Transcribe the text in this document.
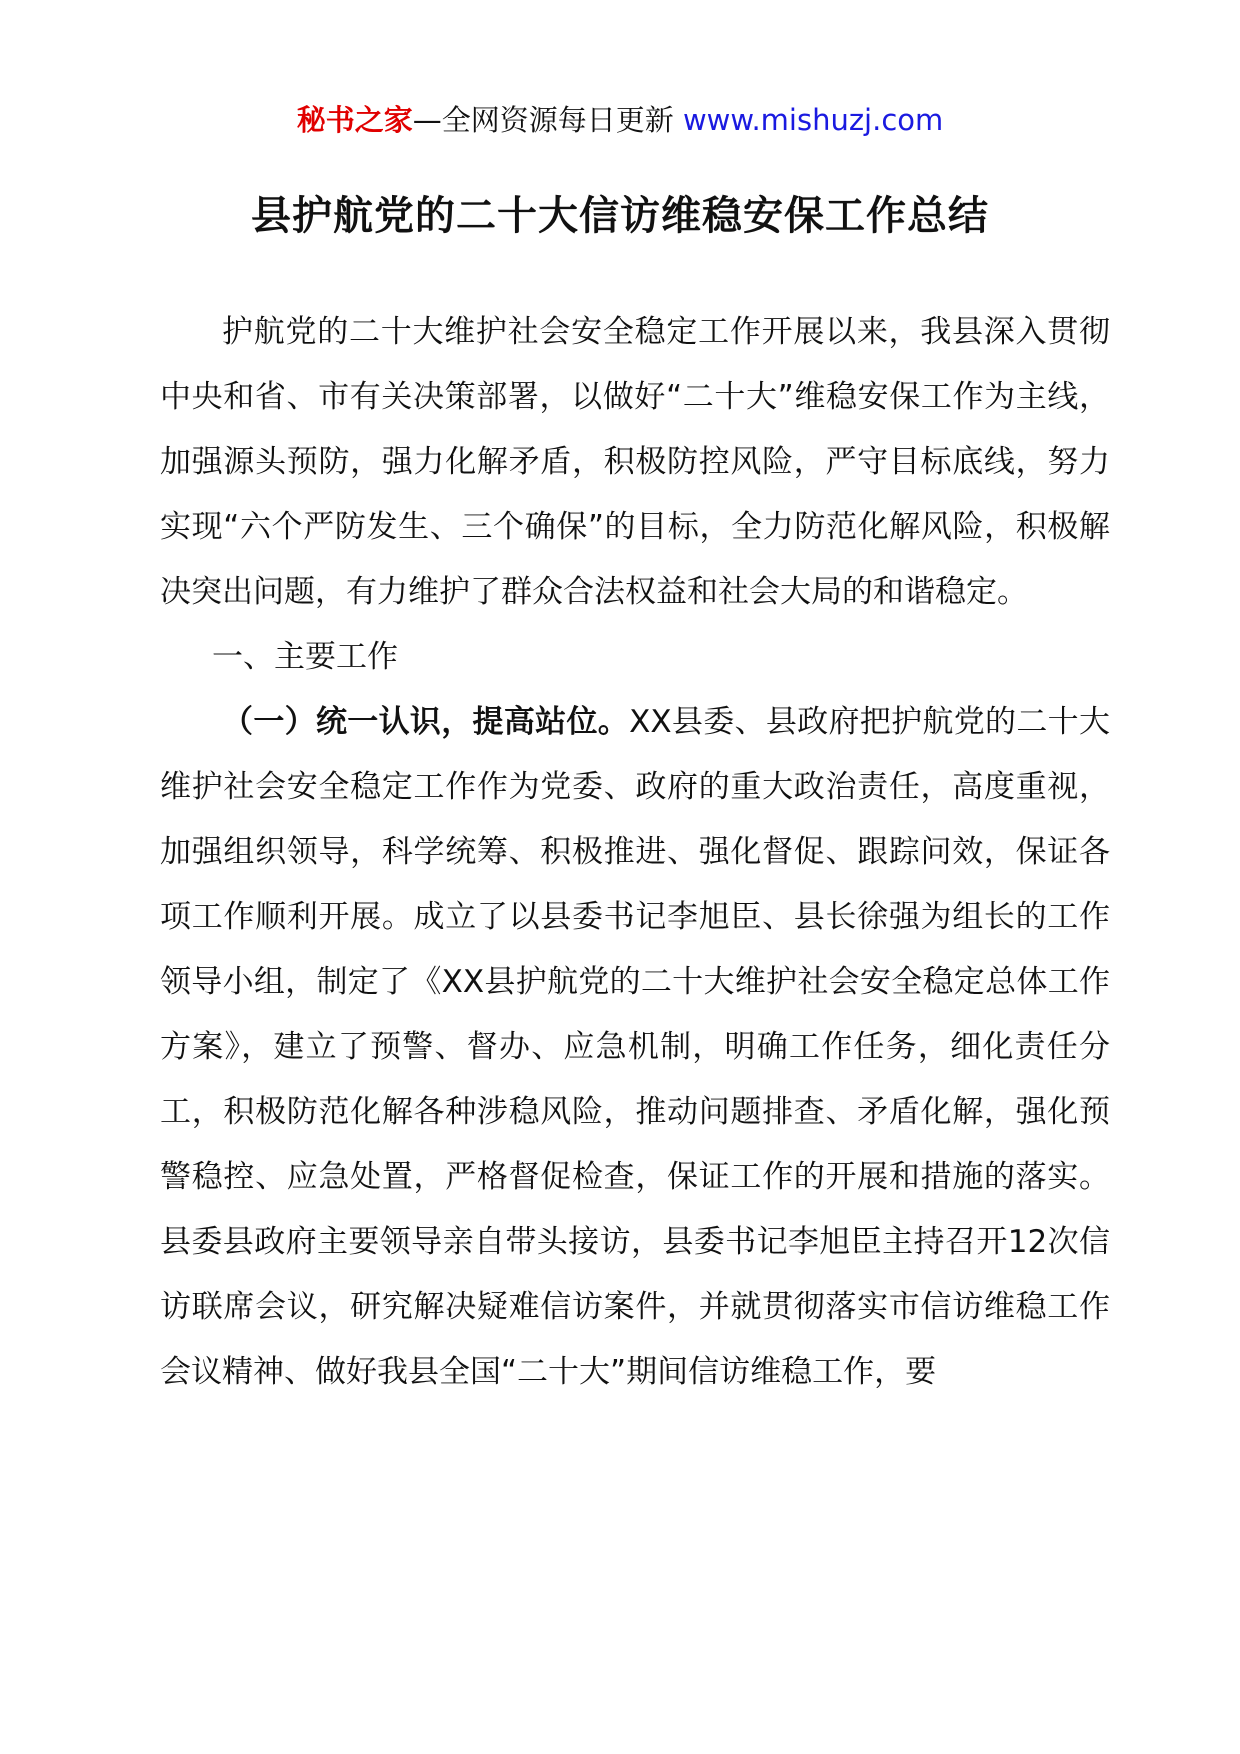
秘书之家—全网资源每日更新 www.mishuzj.com
县护航党的二十大信访维稳安保工作总结

护航党的二十大维护社会安全稳定工作开展以来，我县深入贯彻中央和省、市有关决策部署，以做好“二十大”维稳安保工作为主线，加强源头预防，强力化解矛盾，积极防控风险，严守目标底线，努力实现“六个严防发生、三个确保”的目标，全力防范化解风险，积极解决突出问题，有力维护了群众合法权益和社会大局的和谐稳定。

一、主要工作

（一）统一认识，提高站位。XX县委、县政府把护航党的二十大维护社会安全稳定工作作为党委、政府的重大政治责任，高度重视，加强组织领导，科学统筹、积极推进、强化督促、跟踪问效，保证各项工作顺利开展。成立了以县委书记李旭臣、县长徐强为组长的工作领导小组，制定了《XX县护航党的二十大维护社会安全稳定总体工作方案》，建立了预警、督办、应急机制，明确工作任务，细化责任分工，积极防范化解各种涉稳风险，推动问题排查、矛盾化解，强化预警稳控、应急处置，严格督促检查，保证工作的开展和措施的落实。县委县政府主要领导亲自带头接访，县委书记李旭臣主持召开12次信访联席会议，研究解决疑难信访案件，并就贯彻落实市信访维稳工作会议精神、做好我县全国“二十大”期间信访维稳工作，要
